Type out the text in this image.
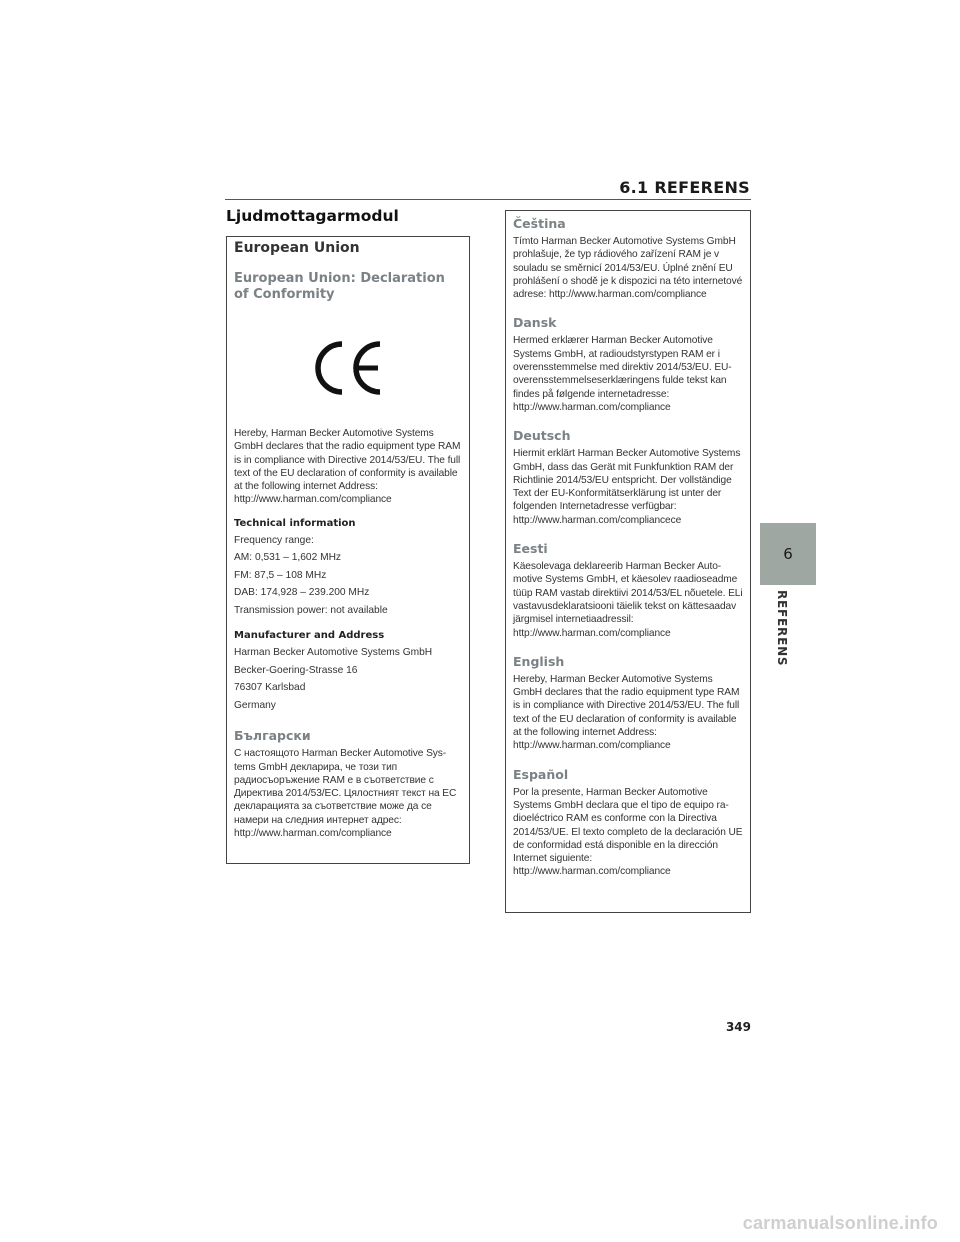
6.1 REFERENS
Ljudmottagarmodul
European Union
European Union: Declaration of Conformity
Hereby, Harman Becker Automotive Systems GmbH declares that the radio equipment type RAM is in compliance with Directive 2014/53/EU. The full text of the EU declaration of conformity is available at the following internet Address: http://www.harman.com/compliance
Technical information
Frequency range:
AM: 0,531 – 1,602 MHz
FM: 87,5 – 108 MHz
DAB: 174,928 – 239.200 MHz
Transmission power: not available
Manufacturer and Address
Harman Becker Automotive Systems GmbH
Becker-Goering-Strasse 16
76307 Karlsbad
Germany
Български
С настоящото Harman Becker Automotive Systems GmbH декларира, че този тип радиосъоръжение RAM е в съответствие с Директива 2014/53/ЕС. Цялостният текст на ЕС декларацията за съответствие може да се намери на следния интернет адрес: http://www.harman.com/compliance
Čeština
Tímto Harman Becker Automotive Systems GmbH prohlašuje, že typ rádiového zařízení RAM je v souladu se směrnicí 2014/53/EU. Úplné znění EU prohlášení o shodě je k dispozici na této internetové adrese: http://www.harman.com/compliance
Dansk
Hermed erklærer Harman Becker Automotive Systems GmbH, at radioudstyrstypen RAM er i overensstemmelse med direktiv 2014/53/EU. EU-overensstemmelseserklæringens fulde tekst kan findes på følgende internetadresse: http://www.harman.com/compliance
Deutsch
Hiermit erklärt Harman Becker Automotive Systems GmbH, dass das Gerät mit Funkfunktion RAM der Richtlinie 2014/53/EU entspricht. Der vollständige Text der EU-Konformitätserklärung ist unter der folgenden Internetadresse verfügbar: http://www.harman.com/compliancece
Eesti
Käesolevaga deklareerib Harman Becker Automotive Systems GmbH, et käesolev raadioseadme tüüp RAM vastab direktiivi 2014/53/EL nõuetele. ELi vastavusdeklaratsiooni täielik tekst on kättesaadav järgmisel internetiaadressil: http://www.harman.com/compliance
English
Hereby, Harman Becker Automotive Systems GmbH declares that the radio equipment type RAM is in compliance with Directive 2014/53/EU. The full text of the EU declaration of conformity is available at the following internet Address: http://www.harman.com/compliance
Español
Por la presente, Harman Becker Automotive Systems GmbH declara que el tipo de equipo radioeléctrico RAM es conforme con la Directiva 2014/53/UE. El texto completo de la declaración UE de conformidad está disponible en la dirección Internet siguiente: http://www.harman.com/compliance
6
REFERENS
349
carmanualsonline.info
